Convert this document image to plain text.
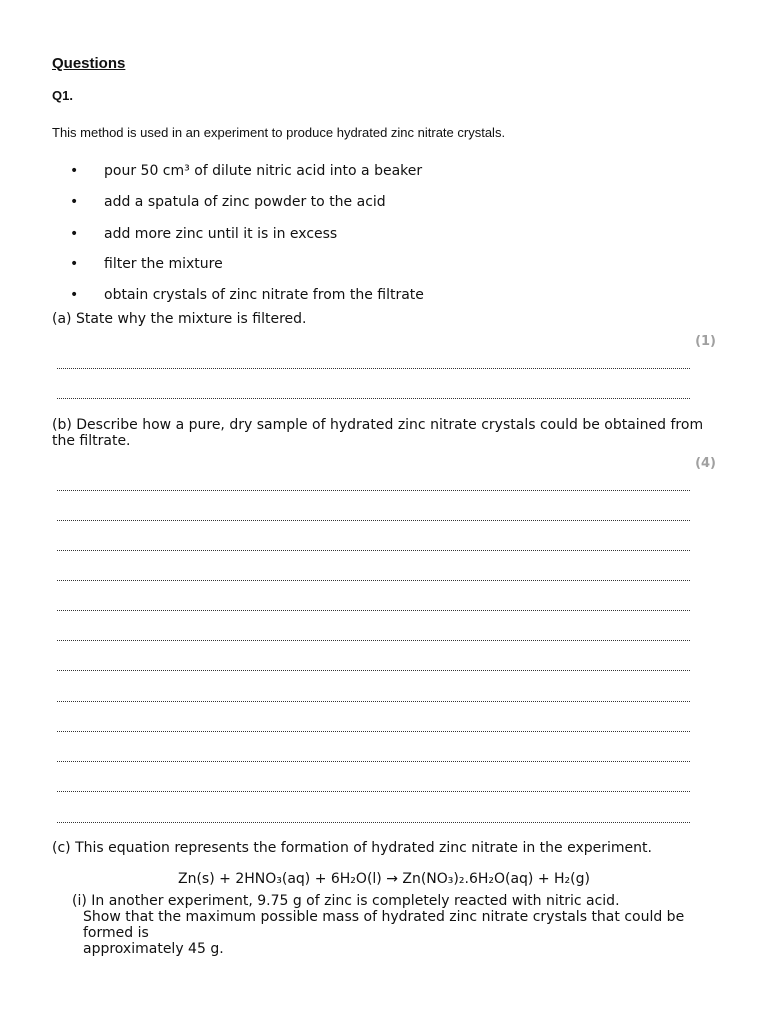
Questions
Q1.
This method is used in an experiment to produce hydrated zinc nitrate crystals.
• pour 50 cm³ of dilute nitric acid into a beaker
• add a spatula of zinc powder to the acid
• add more zinc until it is in excess
• filter the mixture
• obtain crystals of zinc nitrate from the filtrate
(a) State why the mixture is filtered.
(1)
(b) Describe how a pure, dry sample of hydrated zinc nitrate crystals could be obtained from the filtrate.
(4)
(c) This equation represents the formation of hydrated zinc nitrate in the experiment.
Zn(s) + 2HNO₃(aq) + 6H₂O(l) → Zn(NO₃)₂.6H₂O(aq) + H₂(g)
(i) In another experiment, 9.75 g of zinc is completely reacted with nitric acid.
Show that the maximum possible mass of hydrated zinc nitrate crystals that could be formed is
approximately 45 g.
